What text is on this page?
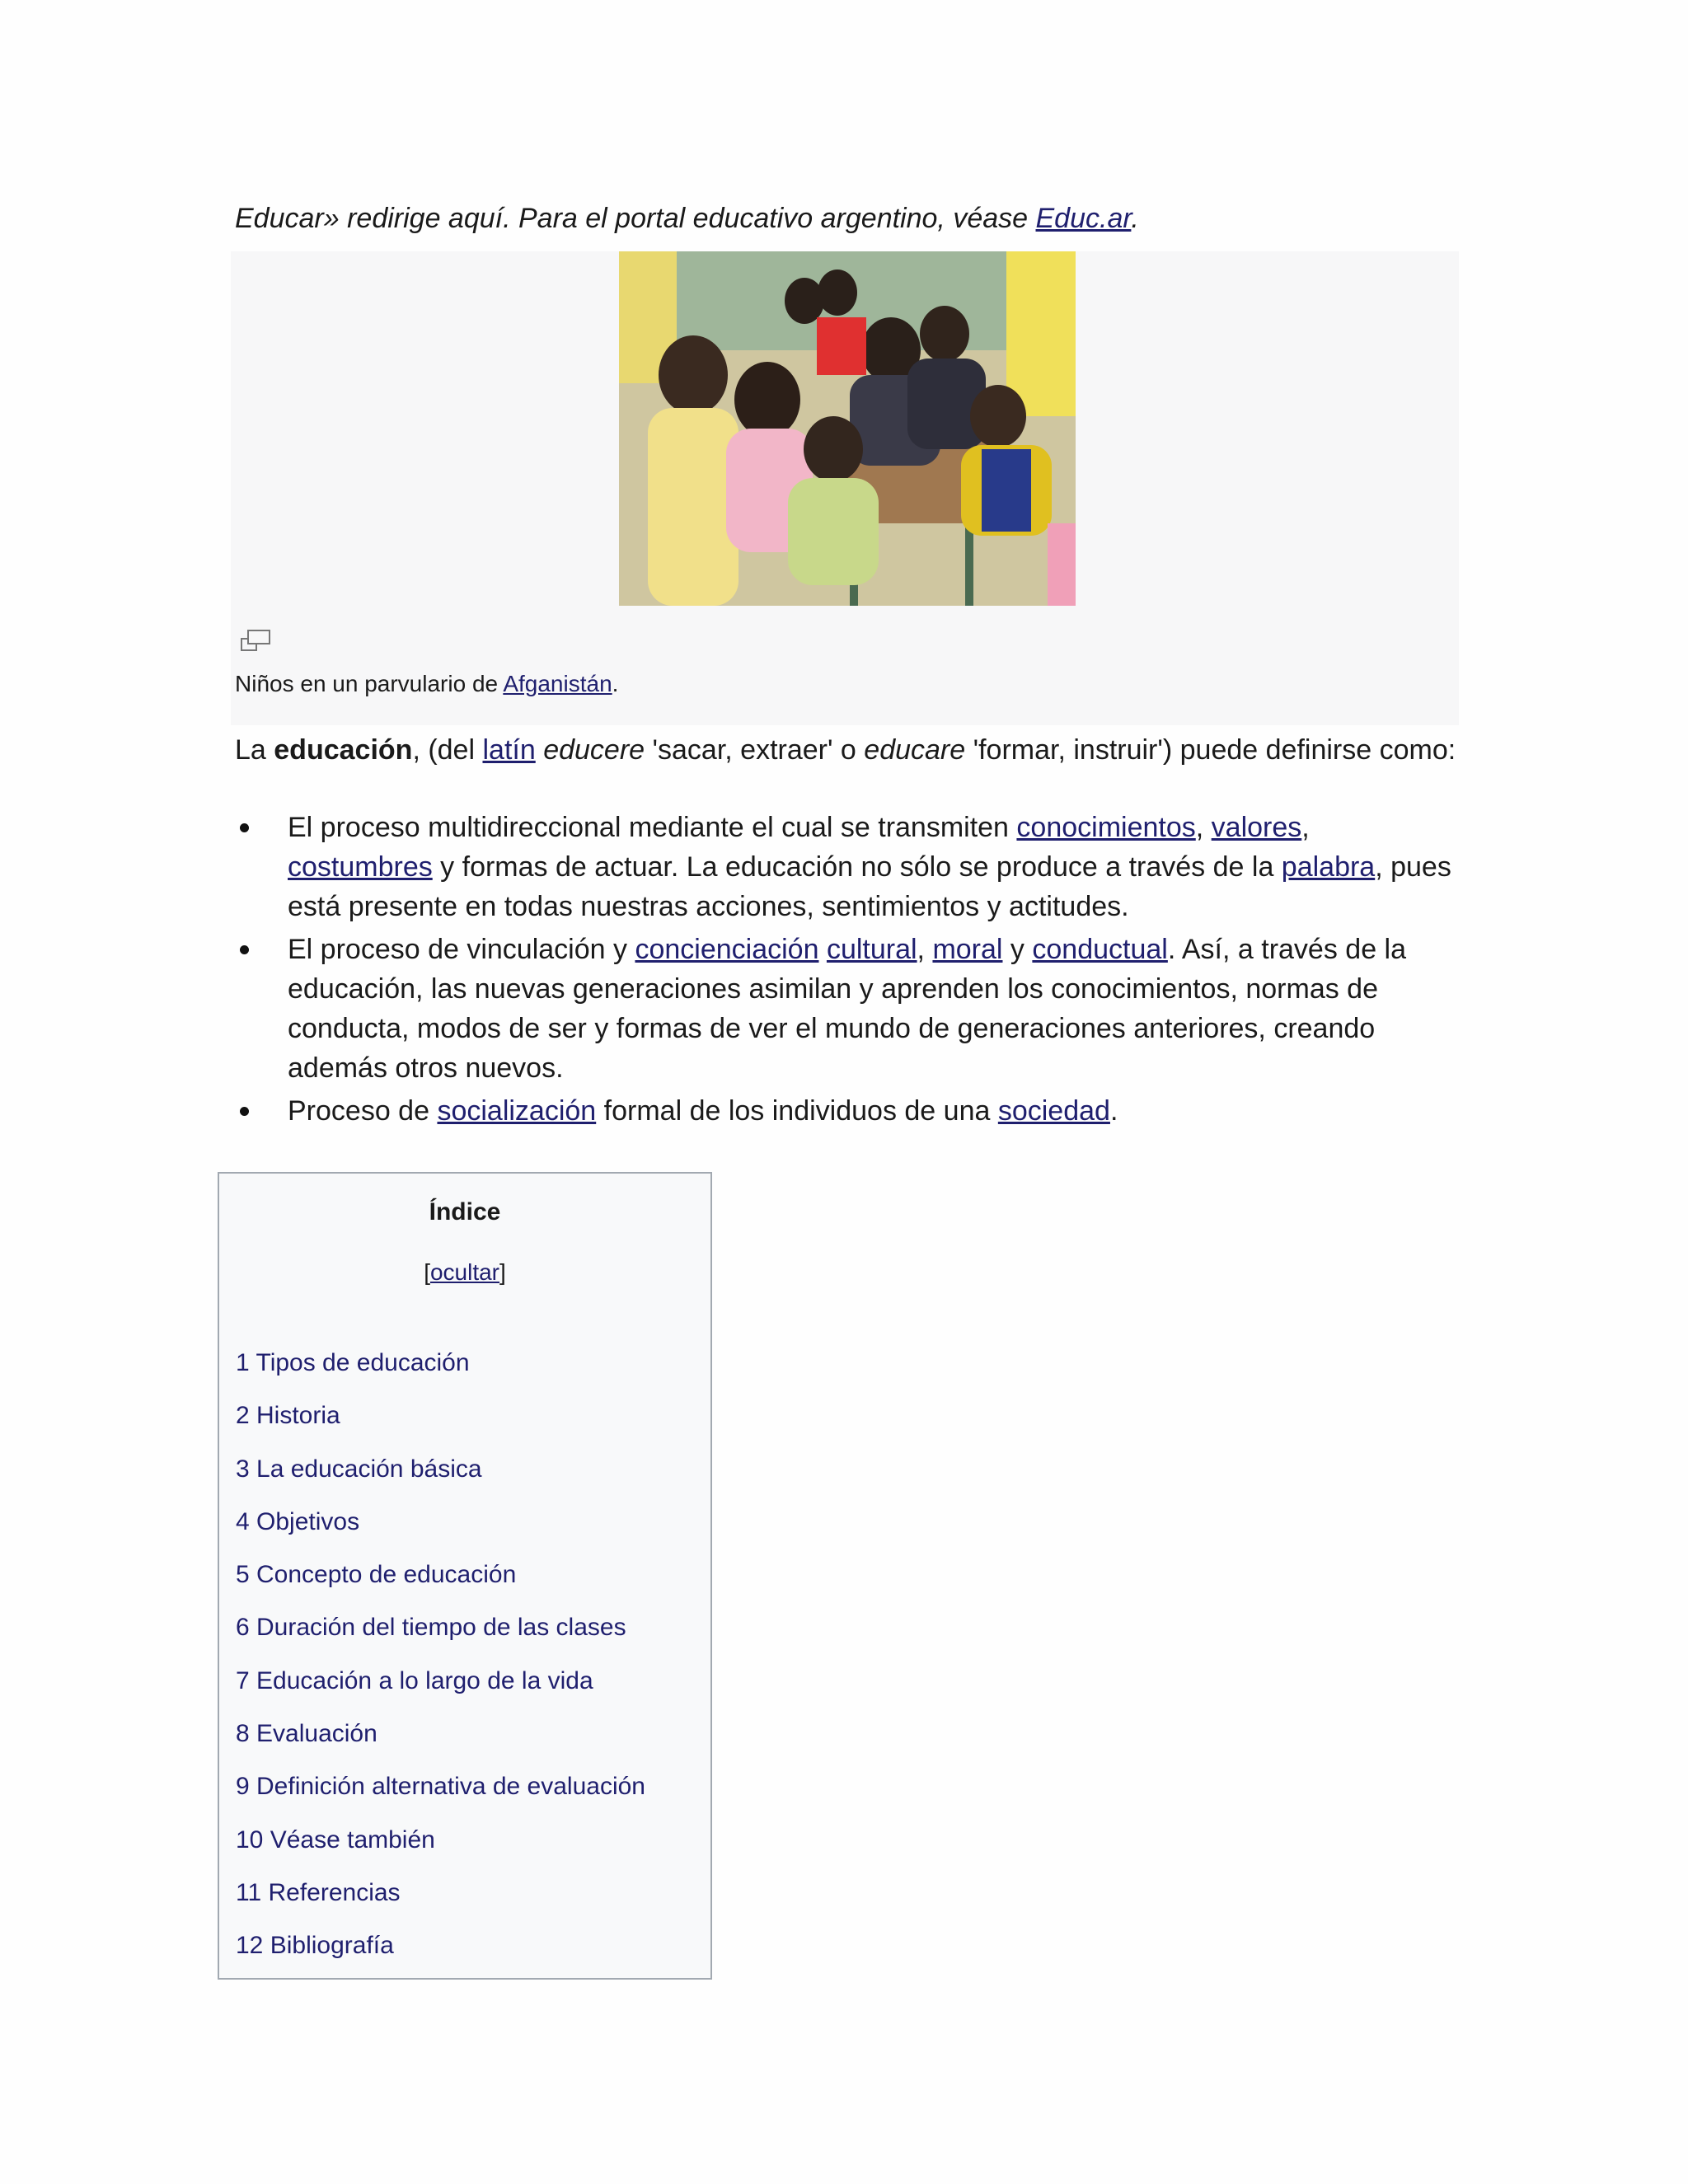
Educar» redirige aquí. Para el portal educativo argentino, véase Educ.ar.
Niños en un parvulario de Afganistán.
La educación, (del latín educere 'sacar, extraer' o educare 'formar, instruir') puede definirse como:
El proceso multidireccional mediante el cual se transmiten conocimientos, valores, costumbres y formas de actuar. La educación no sólo se produce a través de la palabra, pues está presente en todas nuestras acciones, sentimientos y actitudes.
El proceso de vinculación y concienciación cultural, moral y conductual. Así, a través de la educación, las nuevas generaciones asimilan y aprenden los conocimientos, normas de conducta, modos de ser y formas de ver el mundo de generaciones anteriores, creando además otros nuevos.
Proceso de socialización formal de los individuos de una sociedad.
Índice
[ocultar]
1 Tipos de educación
2 Historia
3 La educación básica
4 Objetivos
5 Concepto de educación
6 Duración del tiempo de las clases
7 Educación a lo largo de la vida
8 Evaluación
9 Definición alternativa de evaluación
10 Véase también
11 Referencias
12 Bibliografía
